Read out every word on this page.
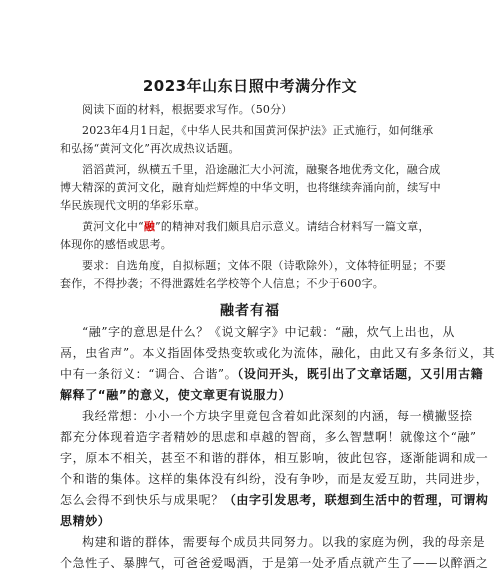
2023年山东日照中考满分作文
阅读下面的材料，根据要求写作。（50分）
2023年4月1日起，《中华人民共和国黄河保护法》正式施行，如何继承
和弘扬“黄河文化”再次成热议话题。
滔滔黄河，纵横五千里，沿途融汇大小河流，融聚各地优秀文化，融合成
博大精深的黄河文化，融育灿烂辉煌的中华文明，也将继续奔涌向前，续写中
华民族现代文明的华彩乐章。
黄河文化中“融”的精神对我们颇具启示意义。请结合材料写一篇文章，
体现你的感悟或思考。
要求：自选角度，自拟标题；文体不限（诗歌除外），文体特征明显；不要
套作，不得抄袭；不得泄露姓名学校等个人信息；不少于600字。
融者有福
“融”字的意思是什么？《说文解字》中记载：“融，炊气上出也，从
鬲，虫省声”。本义指固体受热变软或化为流体，融化，由此又有多条衍义，其
中有一条衍义：“调合、合谐”。（设问开头，既引出了文章话题，又引用古籍
解释了“融”的意义，使文章更有说服力）
我经常想：小小一个方块字里竟包含着如此深刻的内涵，每一横撇竖捺
都充分体现着造字者精妙的思虑和卓越的智商，多么智慧啊！就像这个“融”
字，原本不相关，甚至不和谐的群体，相互影响，彼此包容，逐渐能调和成一
个和谐的集体。这样的集体没有纠纷，没有争吵，而是友爱互助，共同进步，
怎么会得不到快乐与成果呢？（由字引发思考，联想到生活中的哲理，可谓构
思精妙）
构建和谐的群体，需要每个成员共同努力。以我的家庭为例，我的母亲是
个急性子、暴脾气，可爸爸爱喝酒，于是第一处矛盾点就产生了——以醉酒之
